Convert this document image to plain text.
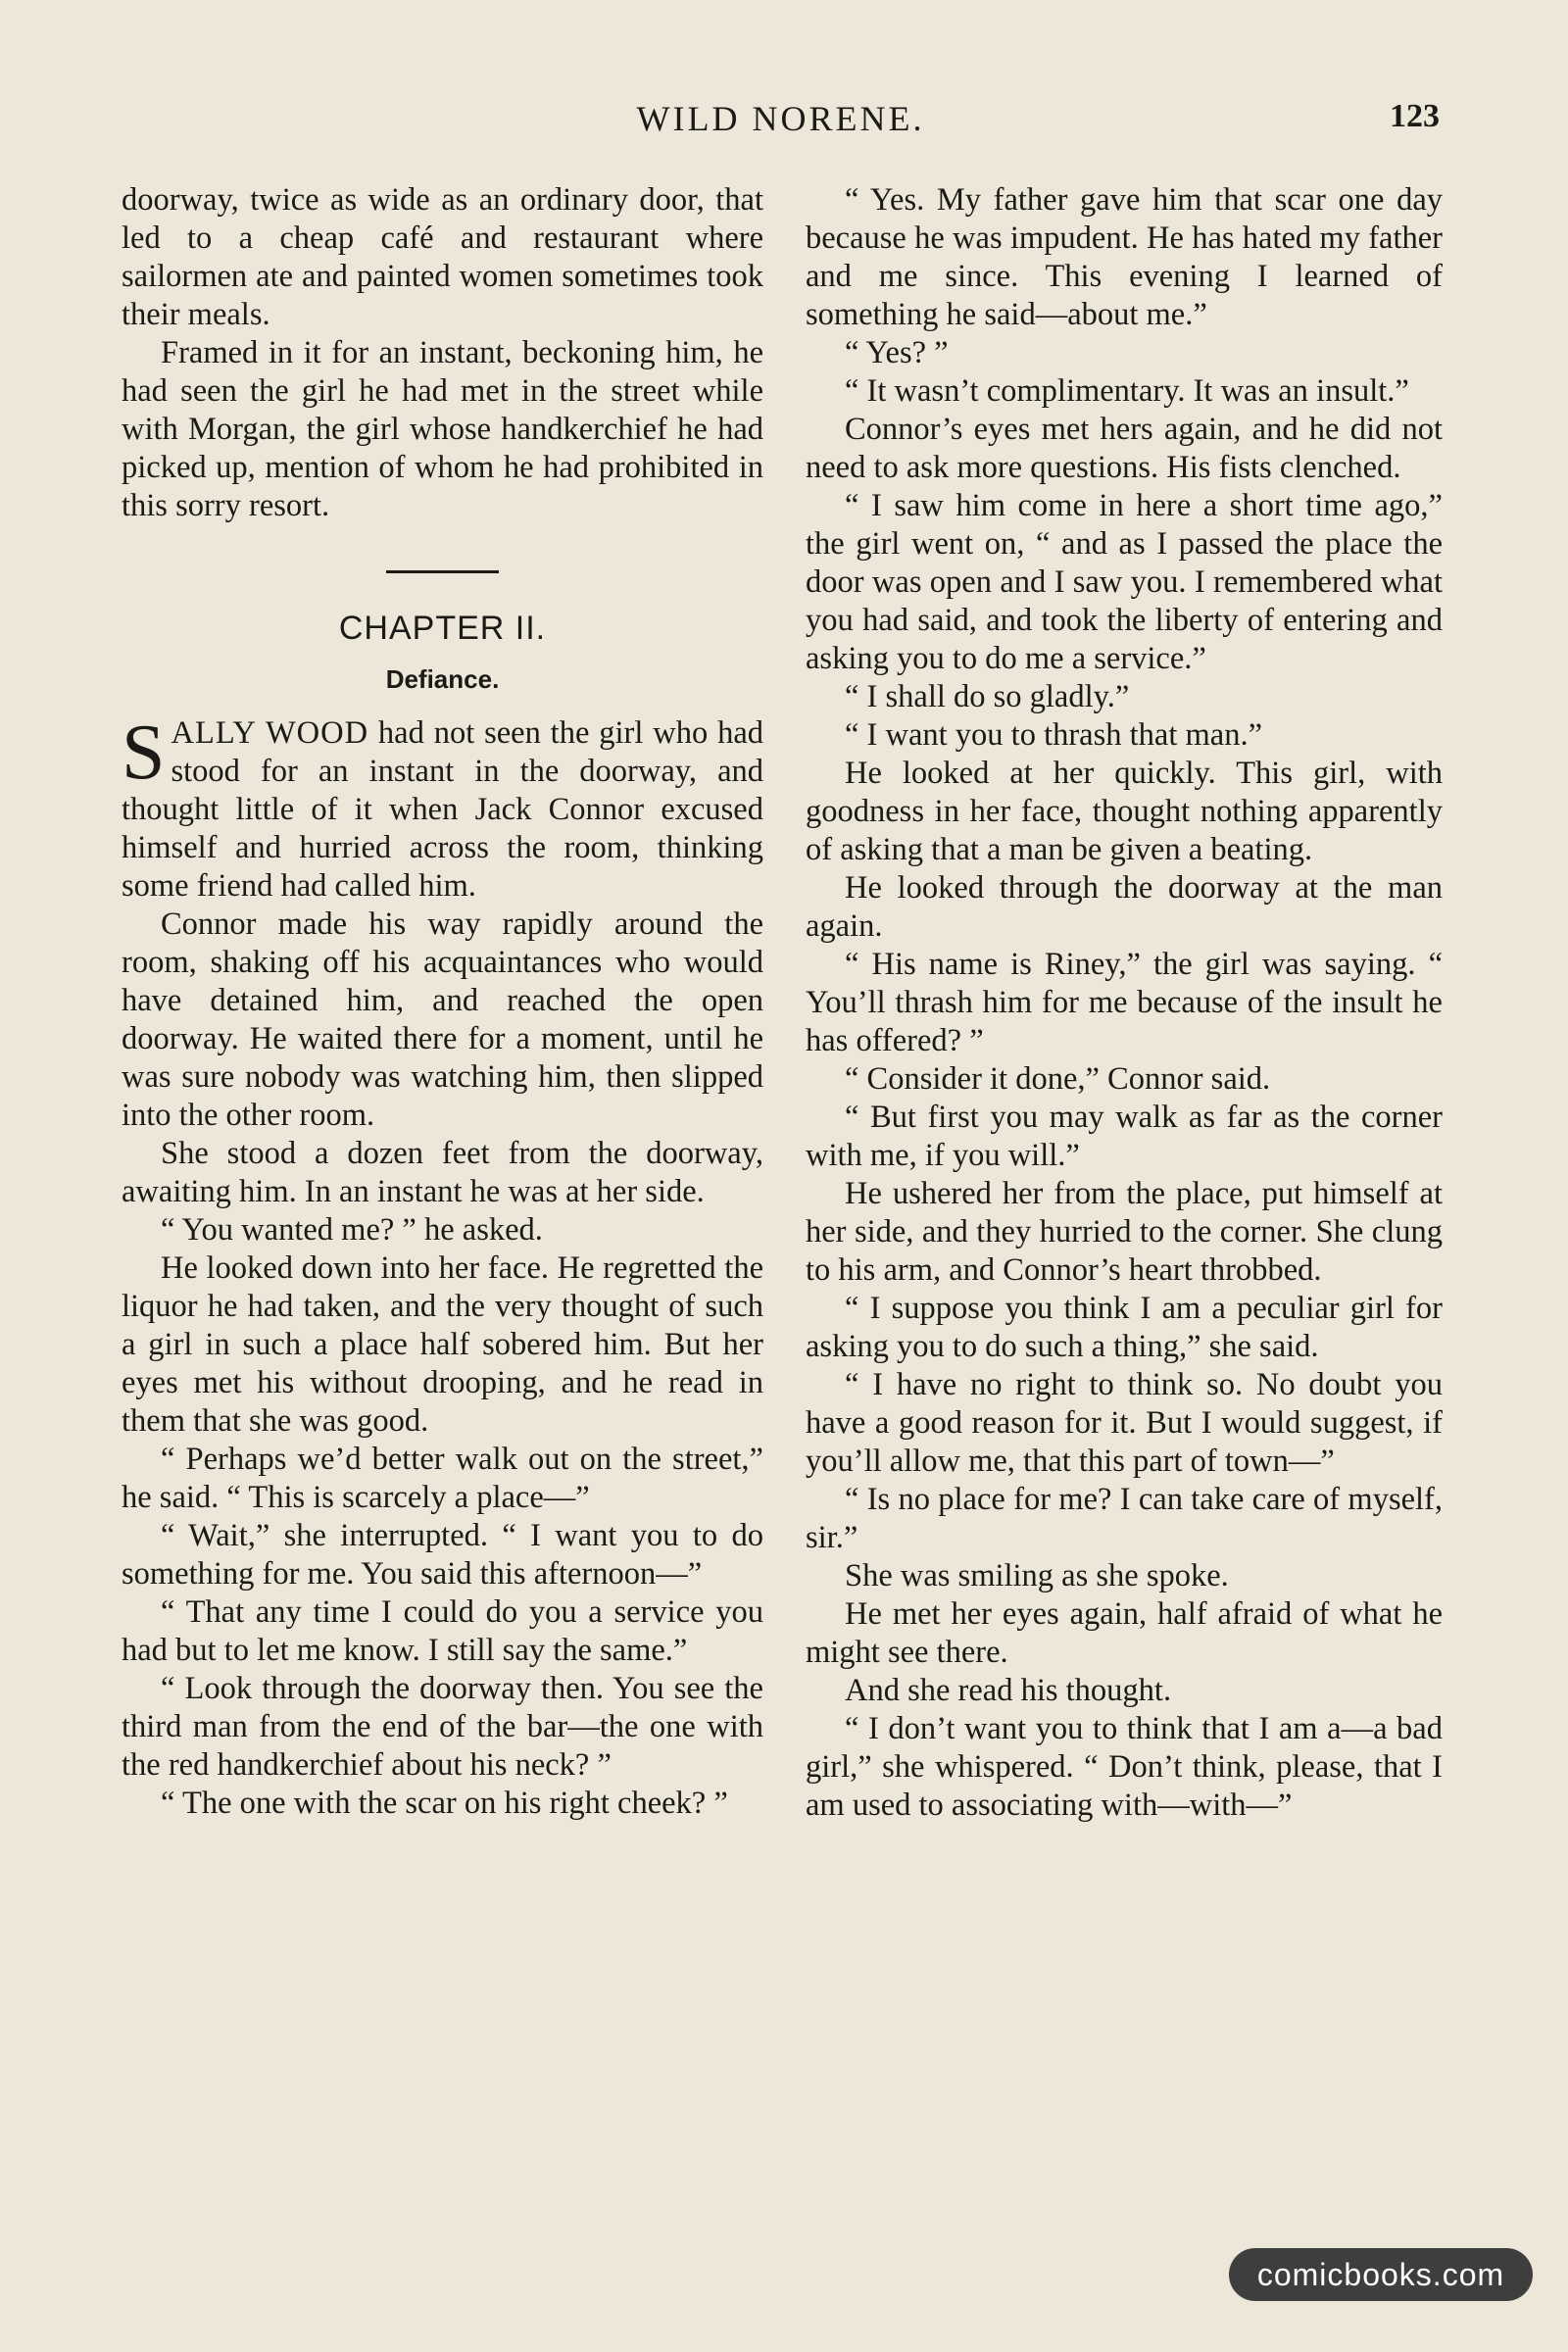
WILD NORENE.	123

doorway, twice as wide as an ordinary door, that led to a cheap café and restaurant where sailormen ate and painted women sometimes took their meals.

Framed in it for an instant, beckoning him, he had seen the girl he had met in the street while with Morgan, the girl whose handkerchief he had picked up, mention of whom he had prohibited in this sorry resort.

CHAPTER II.
Defiance.

SALLY WOOD had not seen the girl who had stood for an instant in the doorway, and thought little of it when Jack Connor excused himself and hurried across the room, thinking some friend had called him.

Connor made his way rapidly around the room, shaking off his acquaintances who would have detained him, and reached the open doorway. He waited there for a moment, until he was sure nobody was watching him, then slipped into the other room.

She stood a dozen feet from the doorway, awaiting him. In an instant he was at her side.

“ You wanted me? ” he asked.

He looked down into her face. He regretted the liquor he had taken, and the very thought of such a girl in such a place half sobered him. But her eyes met his without drooping, and he read in them that she was good.

“ Perhaps we’d better walk out on the street,” he said. “ This is scarcely a place—”

“ Wait,” she interrupted. “ I want you to do something for me. You said this afternoon—”

“ That any time I could do you a service you had but to let me know. I still say the same.”

“ Look through the doorway then. You see the third man from the end of the bar—the one with the red handkerchief about his neck? ”

“ The one with the scar on his right cheek? ”

“ Yes. My father gave him that scar one day because he was impudent. He has hated my father and me since. This evening I learned of something he said—about me.”

“ Yes? ”

“ It wasn’t complimentary. It was an insult.”

Connor’s eyes met hers again, and he did not need to ask more questions. His fists clenched.

“ I saw him come in here a short time ago,” the girl went on, “ and as I passed the place the door was open and I saw you. I remembered what you had said, and took the liberty of entering and asking you to do me a service.”

“ I shall do so gladly.”

“ I want you to thrash that man.”

He looked at her quickly. This girl, with goodness in her face, thought nothing apparently of asking that a man be given a beating.

He looked through the doorway at the man again.

“ His name is Riney,” the girl was saying. “ You’ll thrash him for me because of the insult he has offered? ”

“ Consider it done,” Connor said.

“ But first you may walk as far as the corner with me, if you will.”

He ushered her from the place, put himself at her side, and they hurried to the corner. She clung to his arm, and Connor’s heart throbbed.

“ I suppose you think I am a peculiar girl for asking you to do such a thing,” she said.

“ I have no right to think so. No doubt you have a good reason for it. But I would suggest, if you’ll allow me, that this part of town—”

“ Is no place for me? I can take care of myself, sir.”

She was smiling as she spoke.

He met her eyes again, half afraid of what he might see there.

And she read his thought.

“ I don’t want you to think that I am a—a bad girl,” she whispered. “ Don’t think, please, that I am used to associating with—with—”

comicbooks.com
